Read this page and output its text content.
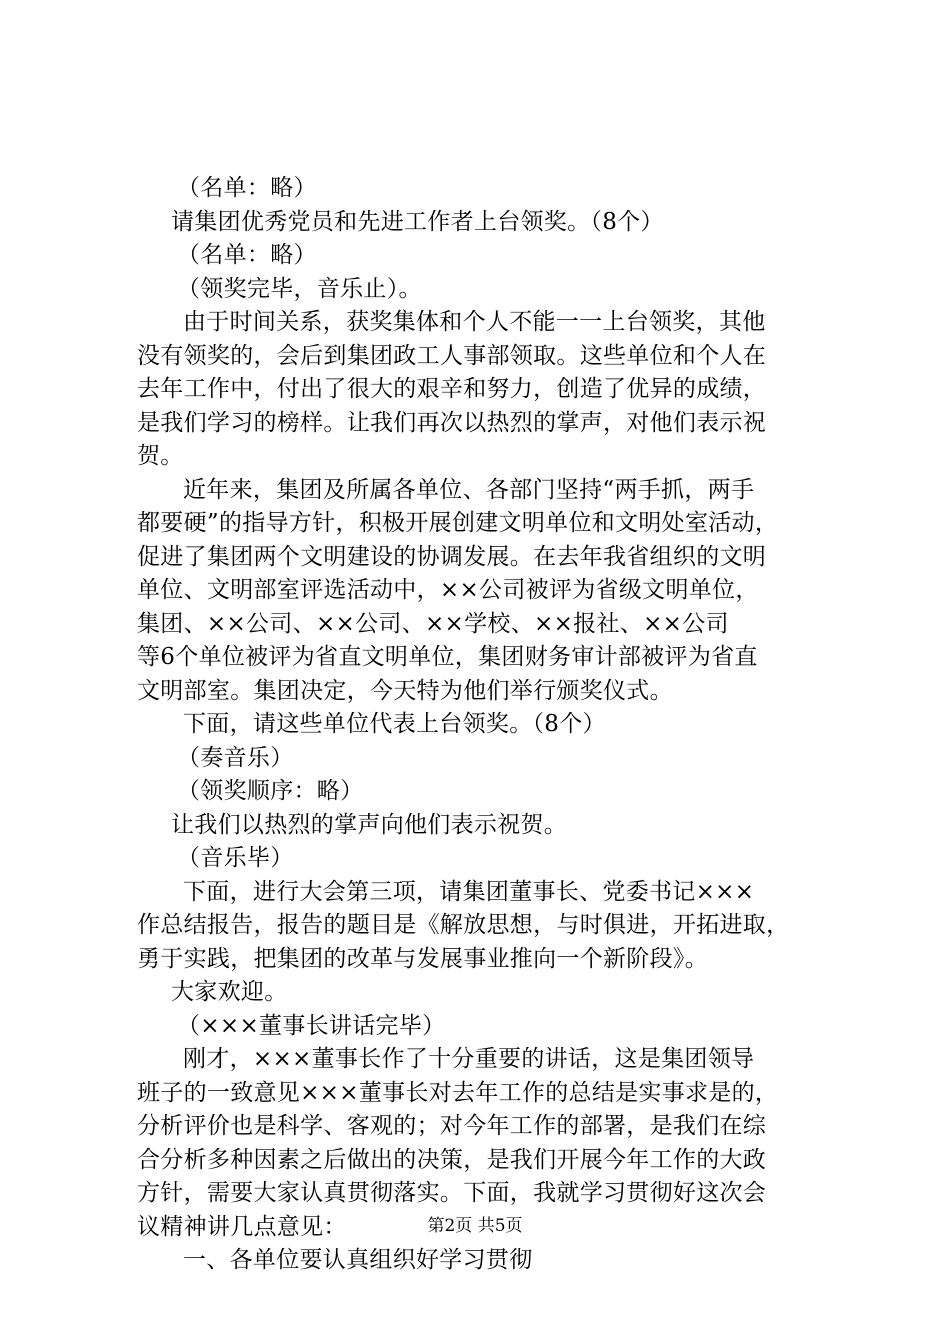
（名单：略）
请集团优秀党员和先进工作者上台领奖。（8个）
（名单：略）
（领奖完毕，音乐止）。
由于时间关系，获奖集体和个人不能一一上台领奖，其他
没有领奖的，会后到集团政工人事部领取。这些单位和个人在
去年工作中，付出了很大的艰辛和努力，创造了优异的成绩，
是我们学习的榜样。让我们再次以热烈的掌声，对他们表示祝
贺。
近年来，集团及所属各单位、各部门坚持“两手抓，两手
都要硬”的指导方针，积极开展创建文明单位和文明处室活动，
促进了集团两个文明建设的协调发展。在去年我省组织的文明
单位、文明部室评选活动中，××公司被评为省级文明单位，
集团、××公司、××公司、××学校、××报社、××公司
等6个单位被评为省直文明单位，集团财务审计部被评为省直
文明部室。集团决定，今天特为他们举行颁奖仪式。
下面，请这些单位代表上台领奖。（8个）
（奏音乐）
（领奖顺序：略）
让我们以热烈的掌声向他们表示祝贺。
（音乐毕）
下面，进行大会第三项，请集团董事长、党委书记×××
作总结报告，报告的题目是《解放思想，与时俱进，开拓进取，
勇于实践，把集团的改革与发展事业推向一个新阶段》。
大家欢迎。
（×××董事长讲话完毕）
刚才，×××董事长作了十分重要的讲话，这是集团领导
班子的一致意见×××董事长对去年工作的总结是实事求是的，
分析评价也是科学、客观的；对今年工作的部署，是我们在综
合分析多种因素之后做出的决策，是我们开展今年工作的大政
方针，需要大家认真贯彻落实。下面，我就学习贯彻好这次会
议精神讲几点意见：
一、各单位要认真组织好学习贯彻
第2页 共5页
